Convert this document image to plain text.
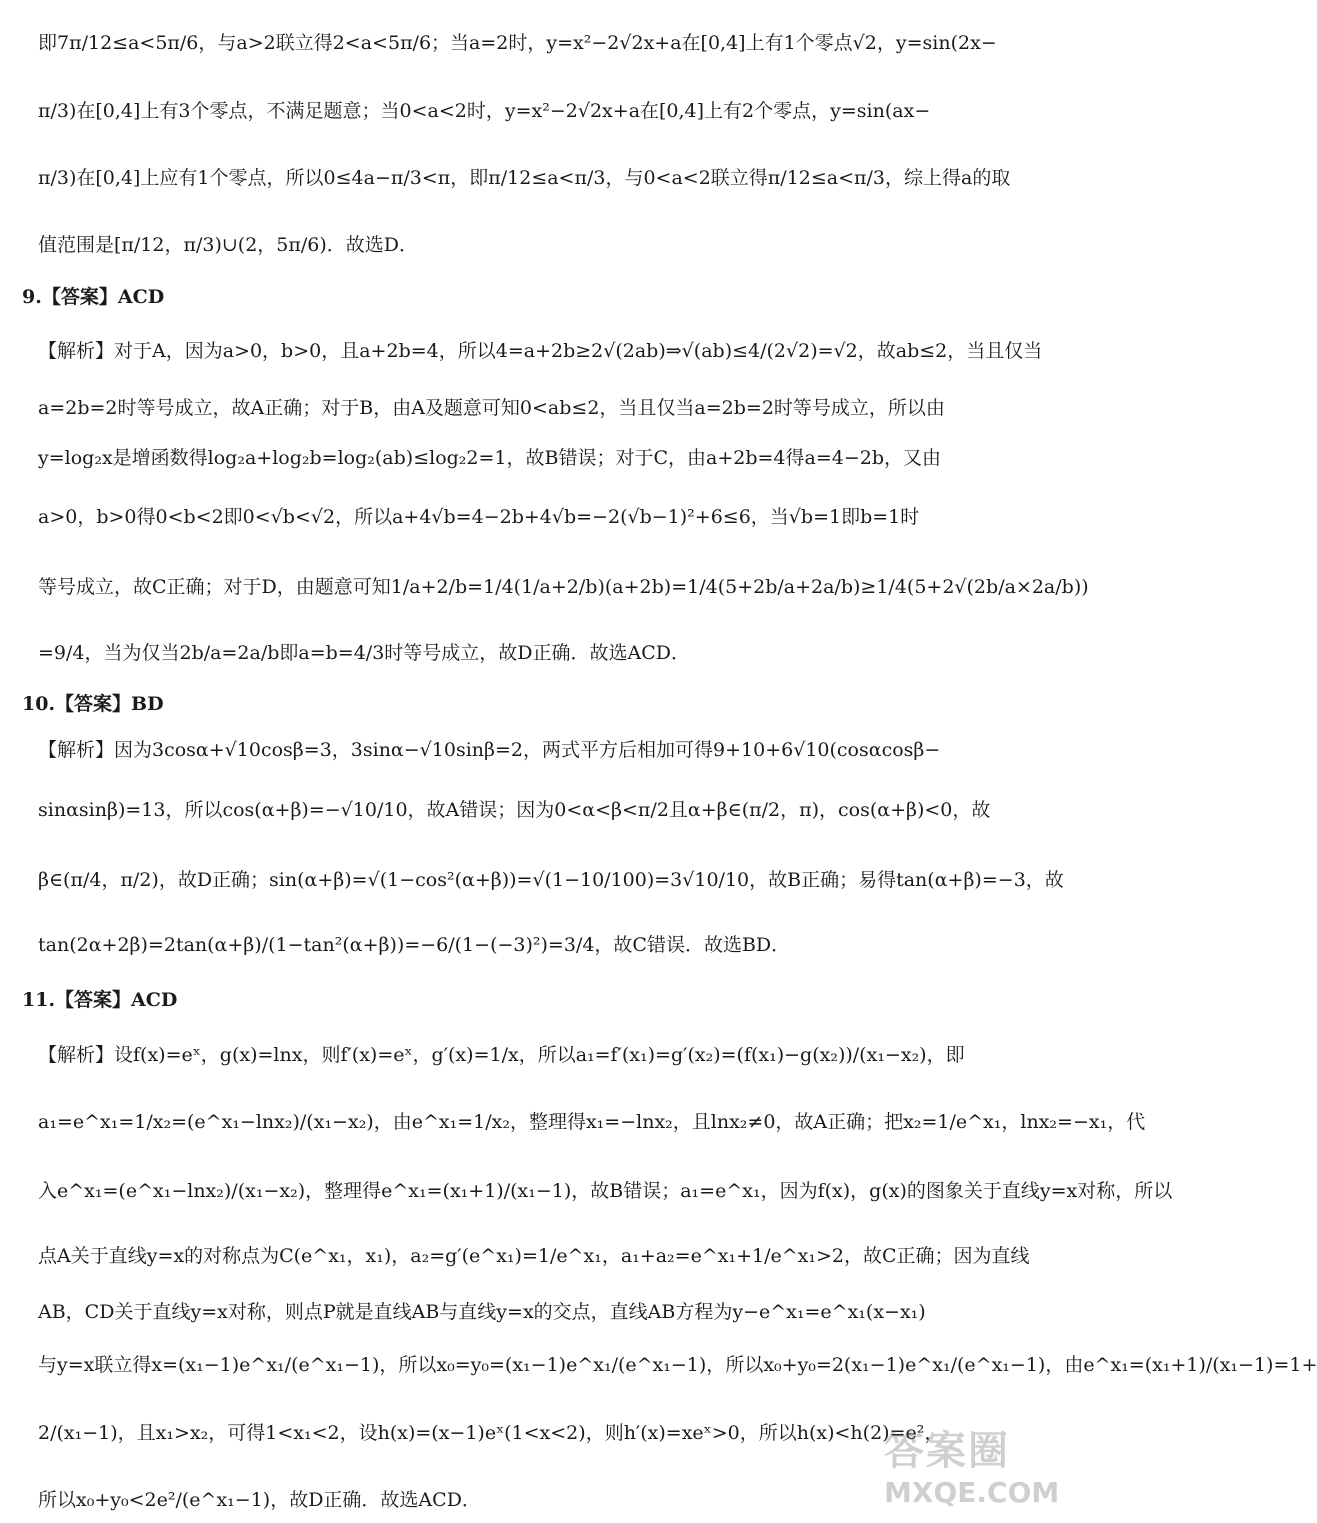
即7π/12≤a<5π/6，与a>2联立得2<a<5π/6；当a=2时，y=x²−2√2x+a在[0,4]上有1个零点√2，y=sin(2x−
π/3)在[0,4]上有3个零点，不满足题意；当0<a<2时，y=x²−2√2x+a在[0,4]上有2个零点，y=sin(ax−
π/3)在[0,4]上应有1个零点，所以0≤4a−π/3<π，即π/12≤a<π/3，与0<a<2联立得π/12≤a<π/3，综上得a的取
值范围是[π/12，π/3)∪(2，5π/6)．故选D．
9.【答案】ACD
【解析】对于A，因为a>0，b>0，且a+2b=4，所以4=a+2b≥2√(2ab)⇒√(ab)≤4/(2√2)=√2，故ab≤2，当且仅当
a=2b=2时等号成立，故A正确；对于B，由A及题意可知0<ab≤2，当且仅当a=2b=2时等号成立，所以由
y=log₂x是增函数得log₂a+log₂b=log₂(ab)≤log₂2=1，故B错误；对于C，由a+2b=4得a=4−2b，又由
a>0，b>0得0<b<2即0<√b<√2，所以a+4√b=4−2b+4√b=−2(√b−1)²+6≤6，当√b=1即b=1时
等号成立，故C正确；对于D，由题意可知1/a+2/b=1/4(1/a+2/b)(a+2b)=1/4(5+2b/a+2a/b)≥1/4(5+2√(2b/a×2a/b))
=9/4，当为仅当2b/a=2a/b即a=b=4/3时等号成立，故D正确．故选ACD．
10.【答案】BD
【解析】因为3cosα+√10cosβ=3，3sinα−√10sinβ=2，两式平方后相加可得9+10+6√10(cosαcosβ−
sinαsinβ)=13，所以cos(α+β)=−√10/10，故A错误；因为0<α<β<π/2且α+β∈(π/2，π)，cos(α+β)<0，故
β∈(π/4，π/2)，故D正确；sin(α+β)=√(1−cos²(α+β))=√(1−10/100)=3√10/10，故B正确；易得tan(α+β)=−3，故
tan(2α+2β)=2tan(α+β)/(1−tan²(α+β))=−6/(1−(−3)²)=3/4，故C错误．故选BD．
11.【答案】ACD
【解析】设f(x)=eˣ，g(x)=lnx，则f′(x)=eˣ，g′(x)=1/x，所以a₁=f′(x₁)=g′(x₂)=(f(x₁)−g(x₂))/(x₁−x₂)，即
a₁=e^x₁=1/x₂=(e^x₁−lnx₂)/(x₁−x₂)，由e^x₁=1/x₂，整理得x₁=−lnx₂，且lnx₂≠0，故A正确；把x₂=1/e^x₁，lnx₂=−x₁，代
入e^x₁=(e^x₁−lnx₂)/(x₁−x₂)，整理得e^x₁=(x₁+1)/(x₁−1)，故B错误；a₁=e^x₁，因为f(x)，g(x)的图象关于直线y=x对称，所以
点A关于直线y=x的对称点为C(e^x₁，x₁)，a₂=g′(e^x₁)=1/e^x₁，a₁+a₂=e^x₁+1/e^x₁>2，故C正确；因为直线
AB，CD关于直线y=x对称，则点P就是直线AB与直线y=x的交点，直线AB方程为y−e^x₁=e^x₁(x−x₁)
与y=x联立得x=(x₁−1)e^x₁/(e^x₁−1)，所以x₀=y₀=(x₁−1)e^x₁/(e^x₁−1)，所以x₀+y₀=2(x₁−1)e^x₁/(e^x₁−1)，由e^x₁=(x₁+1)/(x₁−1)=1+
2/(x₁−1)，且x₁>x₂，可得1<x₁<2，设h(x)=(x−1)eˣ(1<x<2)，则h′(x)=xeˣ>0，所以h(x)<h(2)=e²，
所以x₀+y₀<2e²/(e^x₁−1)，故D正确．故选ACD．
答案圈
MXQE.COM
